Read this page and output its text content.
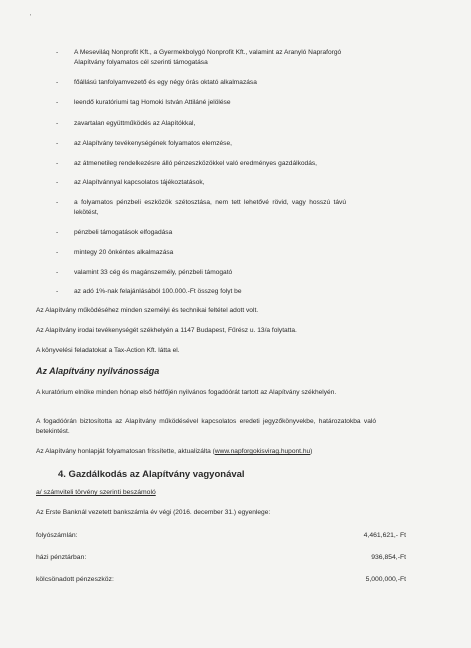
'
-	A Meseviláq Nonprofit Kft., a Gyermekbolygó Nonprofit Kft., valamint az Aranyló Napraforgó Alapítvány folyamatos cél szerinti támogatása
-	főállású tanfolyamvezető és egy négy órás oktató alkalmazása
-	leendő kuratóriumi tag Homoki István Attiláné jelölése
-	zavartalan együttműködés az Alapítókkal,
-	az Alapítvány tevékenységének folyamatos elemzése,
-	az átmenetileg rendelkezésre álló pénzeszközökkel való eredményes gazdálkodás,
-	az Alapítvánnyal kapcsolatos tájékoztatások,
-	a folyamatos pénzbeli eszközök szétosztása, nem tett lehetővé rövid, vagy hosszú távú lekötést,
-	pénzbeli támogatások elfogadása
-	mintegy 20 önkéntes alkalmazása
-	valamint 33 cég és magánszemély, pénzbeli támogató
-	az adó 1%-nak felajánlásából 100.000.-Ft összeg folyt be
Az Alapítvány működéséhez minden személyi és technikai feltétel adott volt.
Az Alapítvány irodai tevékenységét székhelyén a 1147 Budapest, Fűrész u. 13/a folytatta.
A könyvelési feladatokat a Tax-Action Kft. látta el.
Az Alapítvány nyilvánossága
A kuratórium elnöke minden hónap első hétfőjén nyilvános fogadóórát tartott az Alapítvány székhelyén.
A fogadóórán biztosította az Alapítvány működésével kapcsolatos eredeti jegyzőkönyvekbe, határozatokba való betekintést.
Az Alapítvány honlapját folyamatosan frissítette, aktualizálta (www.napforgokisvirag.hupont.hu)
4. Gazdálkodás az Alapítvány vagyonával
a/ számviteli törvény szerinti beszámoló
Az Erste Banknál vezetett bankszámla év végi (2016. december 31.) egyenlege:
folyószámlán:	4,461,621,- Ft
házi pénztárban:	936,854,-Ft
kölcsönadott pénzeszköz:	5,000,000,-Ft
